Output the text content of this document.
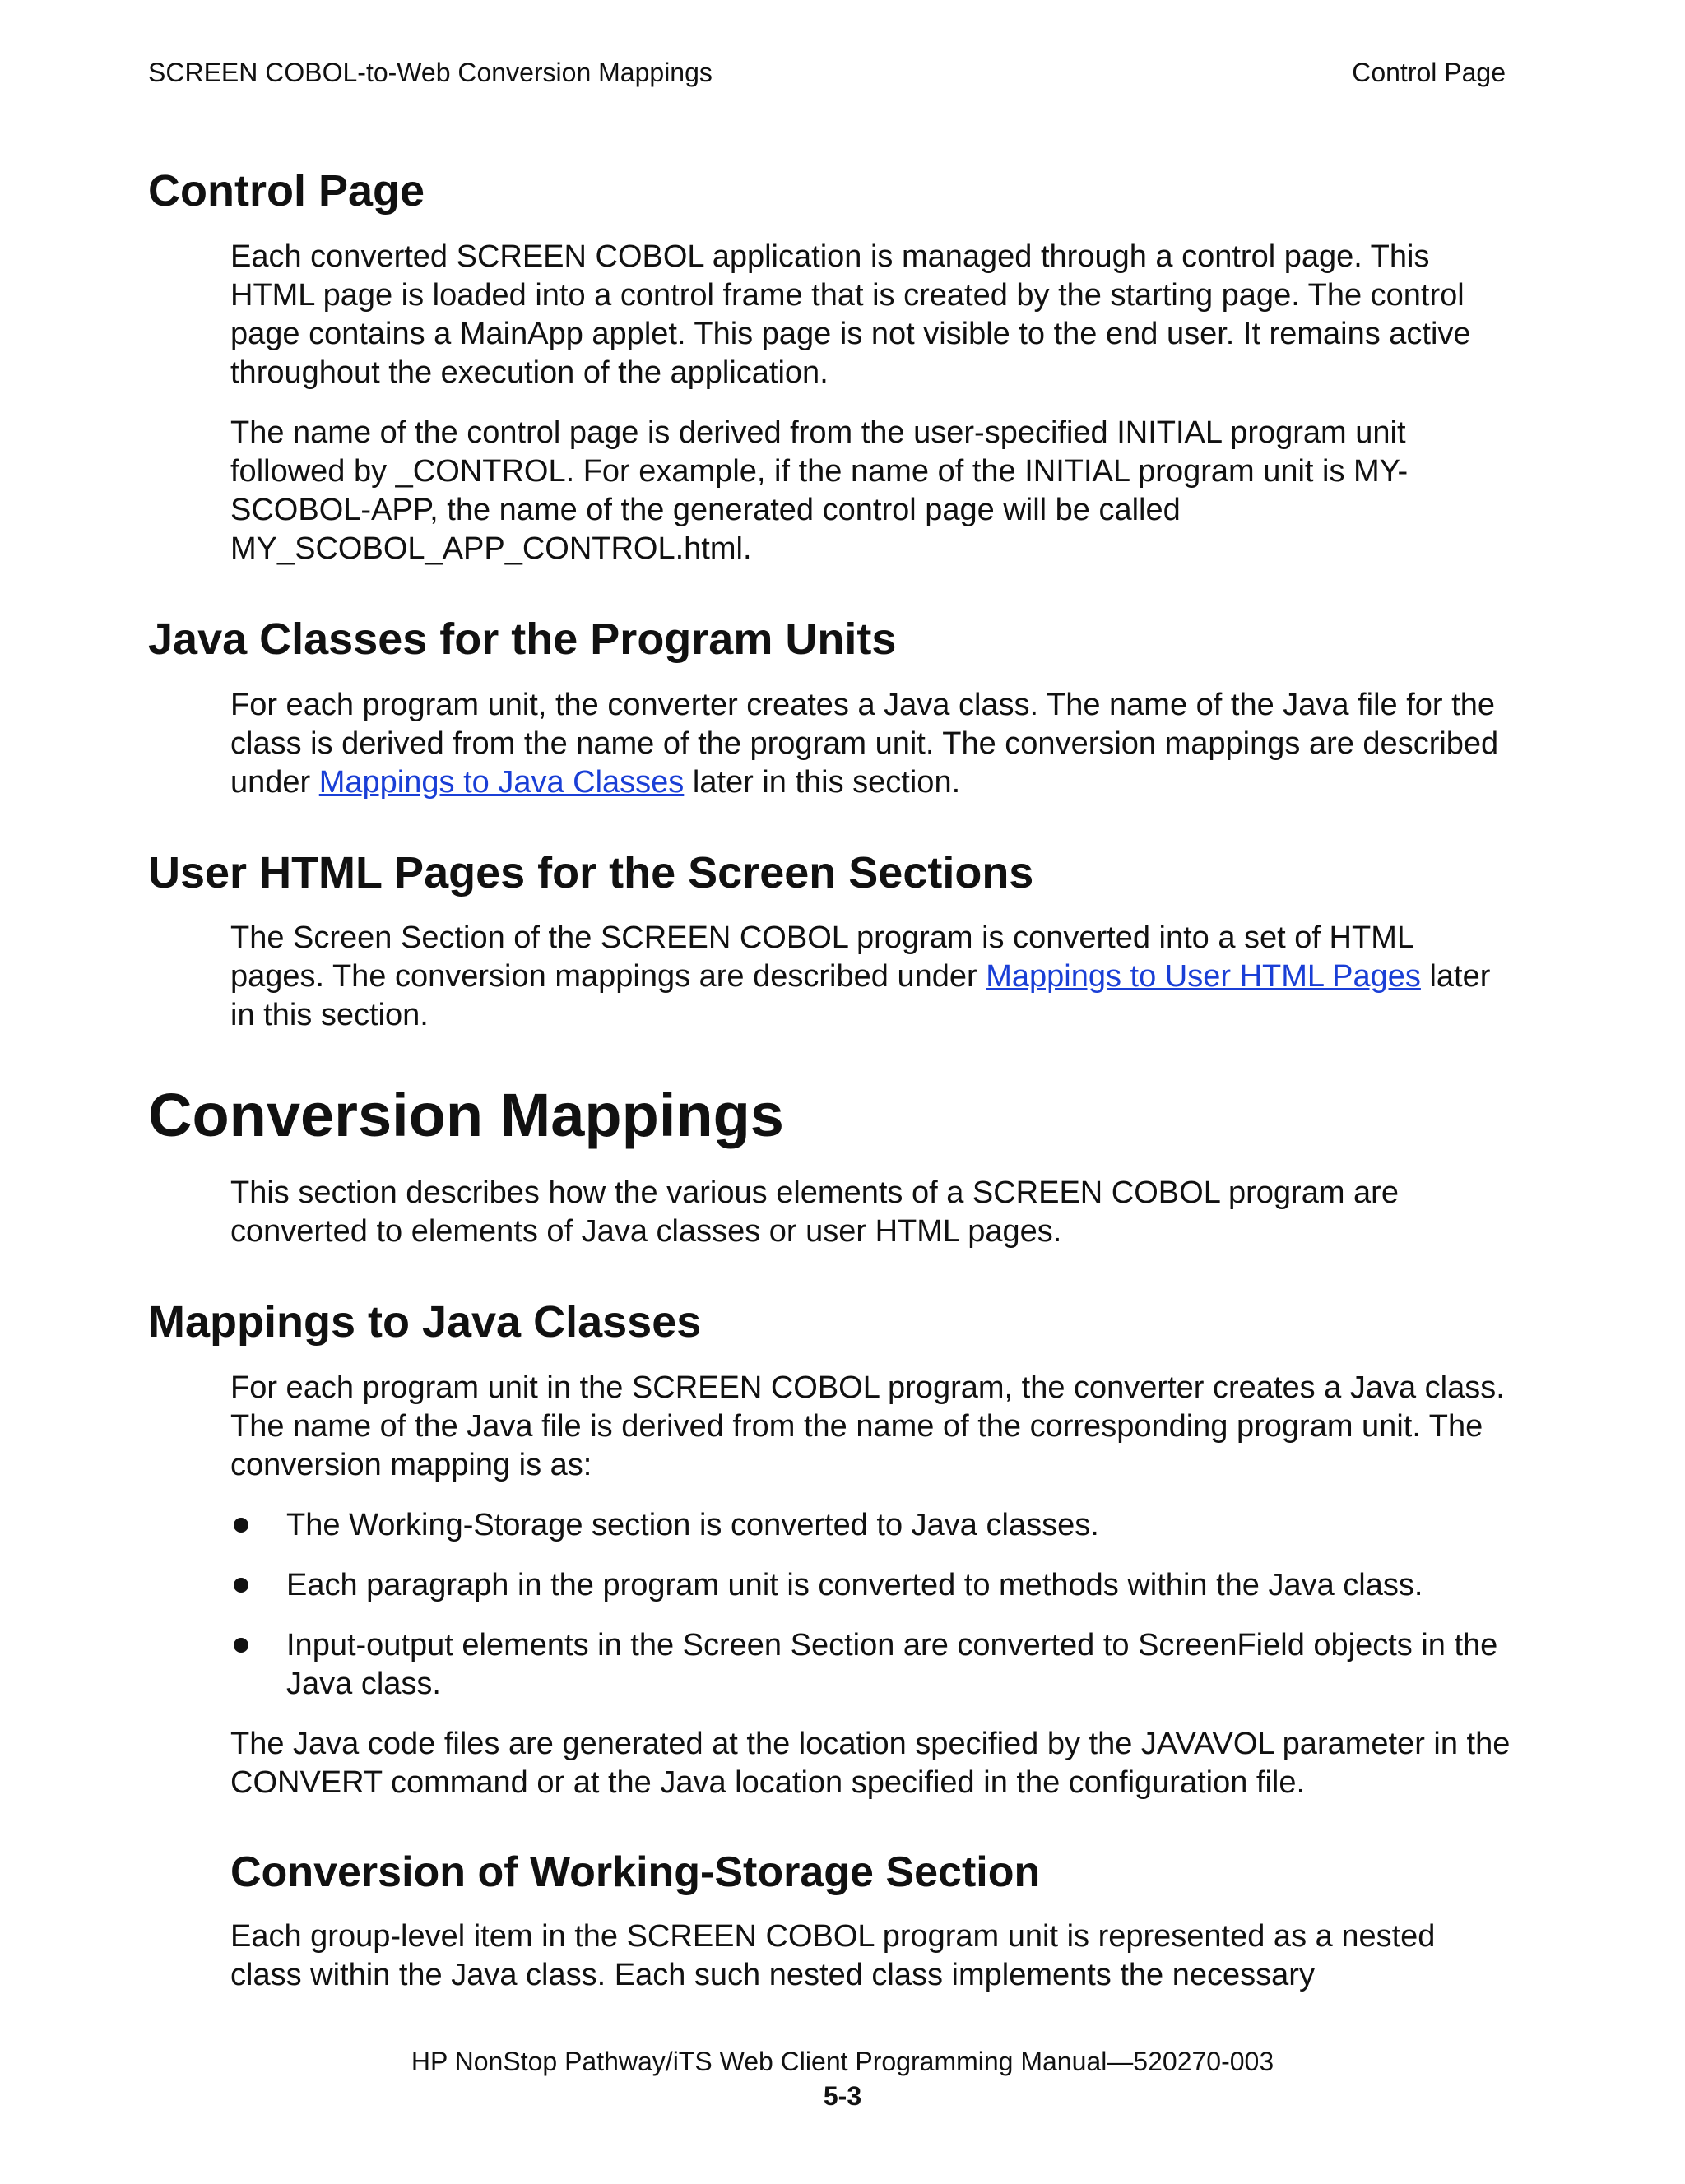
SCREEN COBOL-to-Web Conversion Mappings	Control Page
Control Page

Each converted SCREEN COBOL application is managed through a control page. This HTML page is loaded into a control frame that is created by the starting page. The control page contains a MainApp applet. This page is not visible to the end user. It remains active throughout the execution of the application.

The name of the control page is derived from the user-specified INITIAL program unit followed by _CONTROL. For example, if the name of the INITIAL program unit is MY-SCOBOL-APP, the name of the generated control page will be called MY_SCOBOL_APP_CONTROL.html.

Java Classes for the Program Units

For each program unit, the converter creates a Java class. The name of the Java file for the class is derived from the name of the program unit. The conversion mappings are described under Mappings to Java Classes later in this section.

User HTML Pages for the Screen Sections

The Screen Section of the SCREEN COBOL program is converted into a set of HTML pages. The conversion mappings are described under Mappings to User HTML Pages later in this section.

Conversion Mappings

This section describes how the various elements of a SCREEN COBOL program are converted to elements of Java classes or user HTML pages.

Mappings to Java Classes

For each program unit in the SCREEN COBOL program, the converter creates a Java class. The name of the Java file is derived from the name of the corresponding program unit. The conversion mapping is as:

The Working-Storage section is converted to Java classes.
Each paragraph in the program unit is converted to methods within the Java class.
Input-output elements in the Screen Section are converted to ScreenField objects in the Java class.

The Java code files are generated at the location specified by the JAVAVOL parameter in the CONVERT command or at the Java location specified in the configuration file.

Conversion of Working-Storage Section

Each group-level item in the SCREEN COBOL program unit is represented as a nested class within the Java class. Each such nested class implements the necessary

HP NonStop Pathway/iTS Web Client Programming Manual—520270-003
5-3
